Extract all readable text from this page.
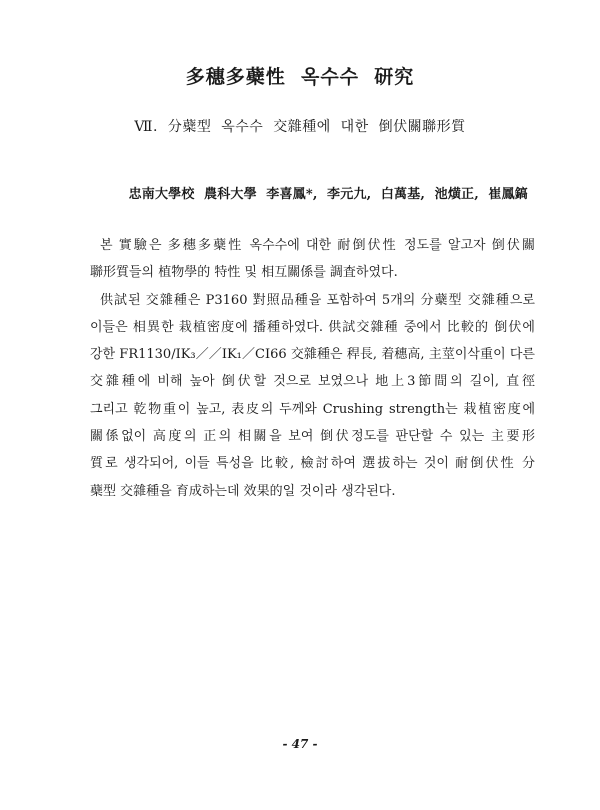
多穗多蘗性  옥수수  研究
Ⅶ.  分蘗型  옥수수  交雜種에  대한  倒伏關聯形質
忠南大學校  農科大學  李喜鳳*,  李元九,  白萬基,  池熿正,  崔鳳鎬
본 實驗은 多穗多蘗性 옥수수에 대한 耐倒伏性 정도를 알고자 倒伏關
聯形質들의 植物學的 特性 및 相互關係를 調査하였다.
供試된 交雜種은 P3160 對照品種을 포함하여 5개의 分蘗型 交雜種으로
이들은 相異한 栽植密度에 播種하였다. 供試交雜種 중에서 比較的 倒伏에
강한 FR1130/IK₃／／IK₁／CI66 交雜種은 稈長, 着穗高, 主莖이삭重이 다른
交雜種에 비해 높아 倒伏할 것으로 보였으나 地上3節間의 길이, 直徑
그리고 乾物重이 높고, 表皮의 두께와 Crushing strength는 栽植密度에
關係없이 高度의 正의 相關을 보여 倒伏정도를 판단할 수 있는 主要形
質로 생각되어, 이들 특성을 比較, 檢討하여 選拔하는 것이 耐倒伏性 分
蘗型 交雜種을 育成하는데 效果的일 것이라 생각된다.
- 47 -
